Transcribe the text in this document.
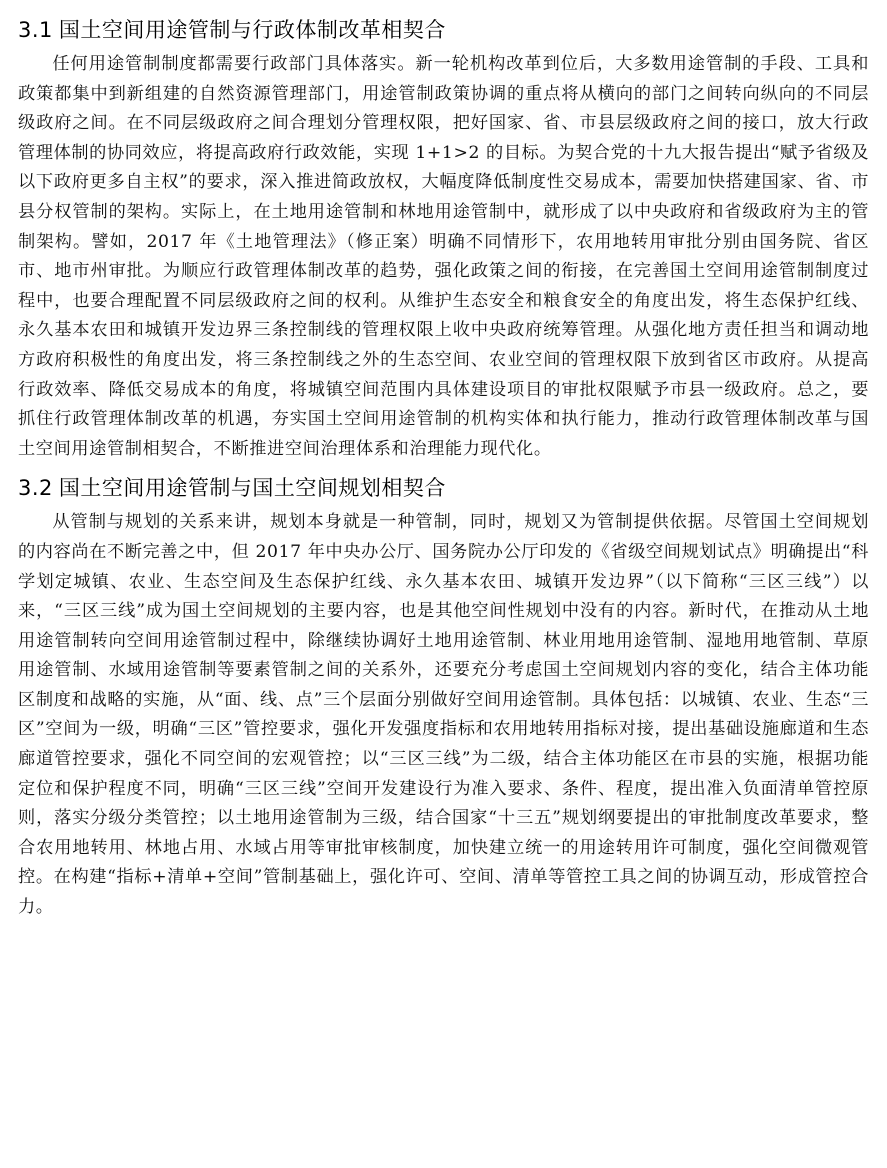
3.1 国土空间用途管制与行政体制改革相契合

任何用途管制制度都需要行政部门具体落实。新一轮机构改革到位后，大多数用途管制的手段、工具和政策都集中到新组建的自然资源管理部门，用途管制政策协调的重点将从横向的部门之间转向纵向的不同层级政府之间。在不同层级政府之间合理划分管理权限，把好国家、省、市县层级政府之间的接口，放大行政管理体制的协同效应，将提高政府行政效能，实现 1+1>2 的目标。为契合党的十九大报告提出“赋予省级及以下政府更多自主权”的要求，深入推进简政放权，大幅度降低制度性交易成本，需要加快搭建国家、省、市县分权管制的架构。实际上，在土地用途管制和林地用途管制中，就形成了以中央政府和省级政府为主的管制架构。譬如，2017 年《土地管理法》（修正案）明确不同情形下，农用地转用审批分别由国务院、省区市、地市州审批。为顺应行政管理体制改革的趋势，强化政策之间的衔接，在完善国土空间用途管制制度过程中，也要合理配置不同层级政府之间的权利。从维护生态安全和粮食安全的角度出发，将生态保护红线、永久基本农田和城镇开发边界三条控制线的管理权限上收中央政府统筹管理。从强化地方责任担当和调动地方政府积极性的角度出发，将三条控制线之外的生态空间、农业空间的管理权限下放到省区市政府。从提高行政效率、降低交易成本的角度，将城镇空间范围内具体建设项目的审批权限赋予市县一级政府。总之，要抓住行政管理体制改革的机遇，夯实国土空间用途管制的机构实体和执行能力，推动行政管理体制改革与国土空间用途管制相契合，不断推进空间治理体系和治理能力现代化。

3.2 国土空间用途管制与国土空间规划相契合

从管制与规划的关系来讲，规划本身就是一种管制，同时，规划又为管制提供依据。尽管国土空间规划的内容尚在不断完善之中，但 2017 年中央办公厅、国务院办公厅印发的《省级空间规划试点》明确提出“科学划定城镇、农业、生态空间及生态保护红线、永久基本农田、城镇开发边界”（以下简称“三区三线”）以来，“三区三线”成为国土空间规划的主要内容，也是其他空间性规划中没有的内容。新时代，在推动从土地用途管制转向空间用途管制过程中，除继续协调好土地用途管制、林业用地用途管制、湿地用地管制、草原用途管制、水域用途管制等要素管制之间的关系外，还要充分考虑国土空间规划内容的变化，结合主体功能区制度和战略的实施，从“面、线、点”三个层面分别做好空间用途管制。具体包括：以城镇、农业、生态“三区”空间为一级，明确“三区”管控要求，强化开发强度指标和农用地转用指标对接，提出基础设施廊道和生态廊道管控要求，强化不同空间的宏观管控；以“三区三线”为二级，结合主体功能区在市县的实施，根据功能定位和保护程度不同，明确“三区三线”空间开发建设行为准入要求、条件、程度，提出准入负面清单管控原则，落实分级分类管控；以土地用途管制为三级，结合国家“十三五”规划纲要提出的审批制度改革要求，整合农用地转用、林地占用、水域占用等审批审核制度，加快建立统一的用途转用许可制度，强化空间微观管控。在构建“指标+清单+空间”管制基础上，强化许可、空间、清单等管控工具之间的协调互动，形成管控合力。
